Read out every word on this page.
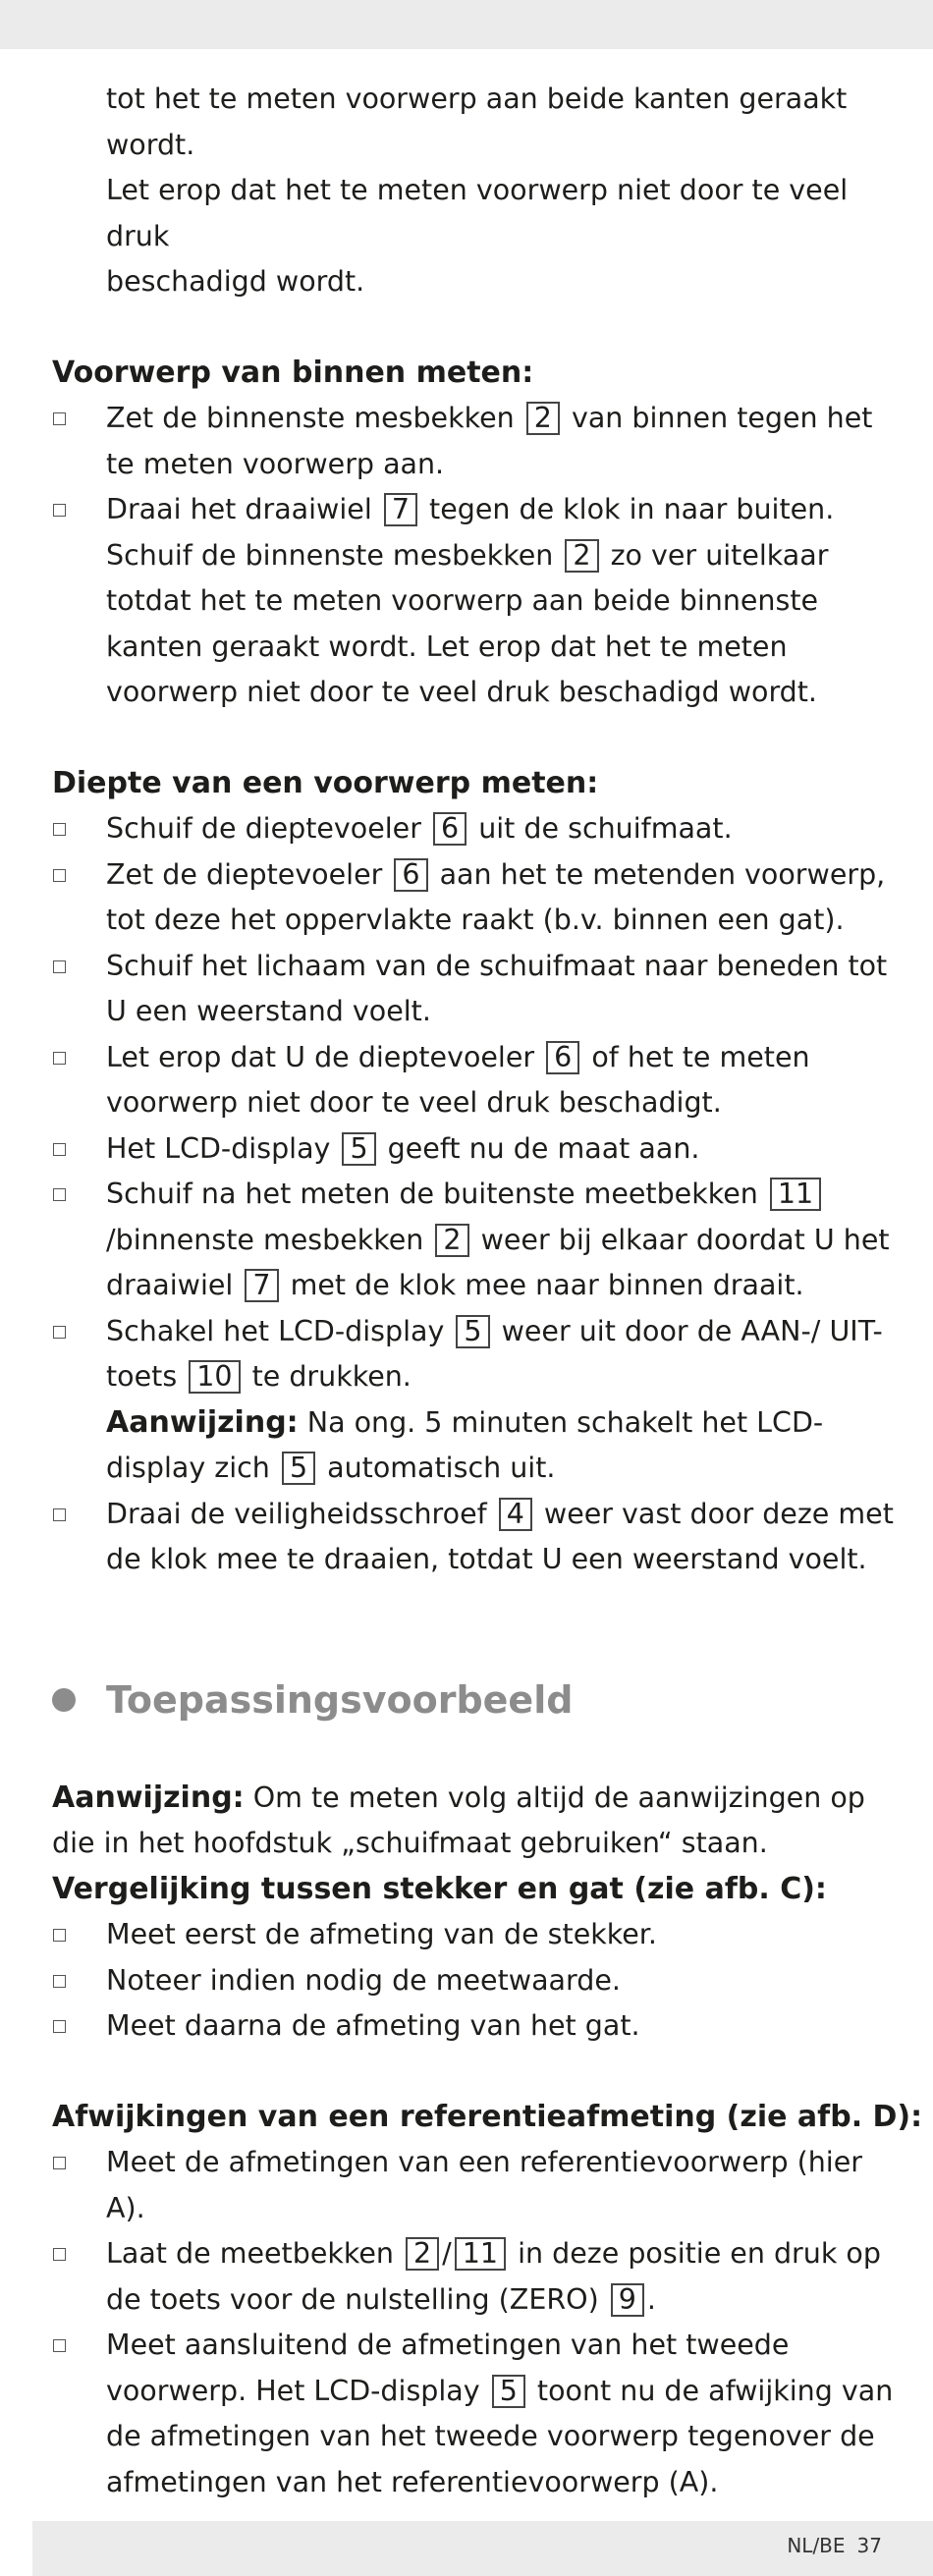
tot het te meten voorwerp aan beide kanten geraakt wordt.

Let erop dat het te meten voorwerp niet door te veel druk

beschadigd wordt.

Voorwerp van binnen meten:
Zet de binnenste mesbekken 2 van binnen tegen het te meten voorwerp aan.
Draai het draaiwiel 7 tegen de klok in naar buiten. Schuif de binnenste mesbekken 2 zo ver uitelkaar totdat het te meten voorwerp aan beide binnenste kanten geraakt wordt. Let erop dat het te meten voorwerp niet door te veel druk beschadigd wordt.
Diepte van een voorwerp meten:
Schuif de dieptevoeler 6 uit de schuifmaat.
Zet de dieptevoeler 6 aan het te metenden voorwerp, tot deze het oppervlakte raakt (b.v. binnen een gat).
Schuif het lichaam van de schuifmaat naar beneden tot U een weerstand voelt.
Let erop dat U de dieptevoeler 6 of het te meten voorwerp niet door te veel druk beschadigt.
Het LCD-display 5 geeft nu de maat aan.
Schuif na het meten de buitenste meetbekken 11/binnenste mesbekken 2 weer bij elkaar doordat U het draaiwiel 7 met de klok mee naar binnen draait.
Schakel het LCD-display 5 weer uit door de AAN-/ UIT-toets 10 te drukken.
Aanwijzing: Na ong. 5 minuten schakelt het LCD-display zich 5 automatisch uit.
Draai de veiligheidsschroef 4 weer vast door deze met de klok mee te draaien, totdat U een weerstand voelt.
Toepassingsvoorbeeld

Aanwijzing: Om te meten volg altijd de aanwijzingen op die in het hoofdstuk „schuifmaat gebruiken“ staan.

Vergelijking tussen stekker en gat (zie afb. C):
Meet eerst de afmeting van de stekker.
Noteer indien nodig de meetwaarde.
Meet daarna de afmeting van het gat.
Afwijkingen van een referentieafmeting (zie afb. D):
Meet de afmetingen van een referentievoorwerp (hier A).
Laat de meetbekken 2 / 11 in deze positie en druk op de toets voor de nulstelling (ZERO) 9 .
Meet aansluitend de afmetingen van het tweede voorwerp. Het LCD-display 5 toont nu de afwijking van de afmetingen van het tweede voorwerp tegenover de afmetingen van het referentievoorwerp (A).
NL/BE 37
